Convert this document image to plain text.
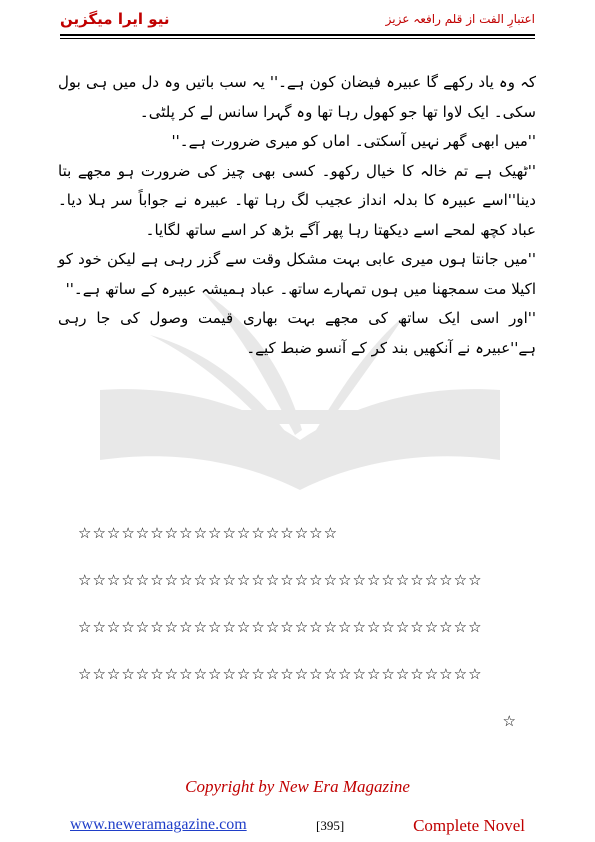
نیو ایرا میگزین	اعتبارِ الفت از قلم رافعہ عزیز

کہ وہ یاد رکھے گا عبیرہ فیضان کون ہے۔'' یہ سب باتیں وہ دل میں ہی بول سکی۔ ایک لاوا تھا جو کھول رہا تھا وہ گہرا سانس لے کر پلٹی۔

''میں ابھی گھر نہیں آسکتی۔ اماں کو میری ضرورت ہے۔''

''ٹھیک ہے تم خالہ کا خیال رکھو۔ کسی بھی چیز کی ضرورت ہو مجھے بتا دینا''اسے عبیرہ کا بدلہ انداز عجیب لگ رہا تھا۔ عبیرہ نے جواباً سر ہلا دیا۔ عباد کچھ لمحے اسے دیکھتا رہا پھر آگے بڑھ کر اسے ساتھ لگایا۔

''میں جانتا ہوں میری عابی بہت مشکل وقت سے گزر رہی ہے لیکن خود کو اکیلا مت سمجھنا میں ہوں تمہارے ساتھ۔ عباد ہمیشہ عبیرہ کے ساتھ ہے۔''

''اور اسی ایک ساتھ کی مجھے بہت بھاری قیمت وصول کی جا رہی ہے''عبیرہ نے آنکھیں بند کر کے آنسو ضبط کیے۔

☆☆☆☆☆☆☆☆☆☆☆☆☆☆☆☆☆☆
☆☆☆☆☆☆☆☆☆☆☆☆☆☆☆☆☆☆☆☆☆☆☆☆☆☆☆☆
☆☆☆☆☆☆☆☆☆☆☆☆☆☆☆☆☆☆☆☆☆☆☆☆☆☆☆☆
☆☆☆☆☆☆☆☆☆☆☆☆☆☆☆☆☆☆☆☆☆☆☆☆☆☆☆☆
☆
Copyright by New Era Magazine
www.neweramagazine.com	[395]	Complete Novel
